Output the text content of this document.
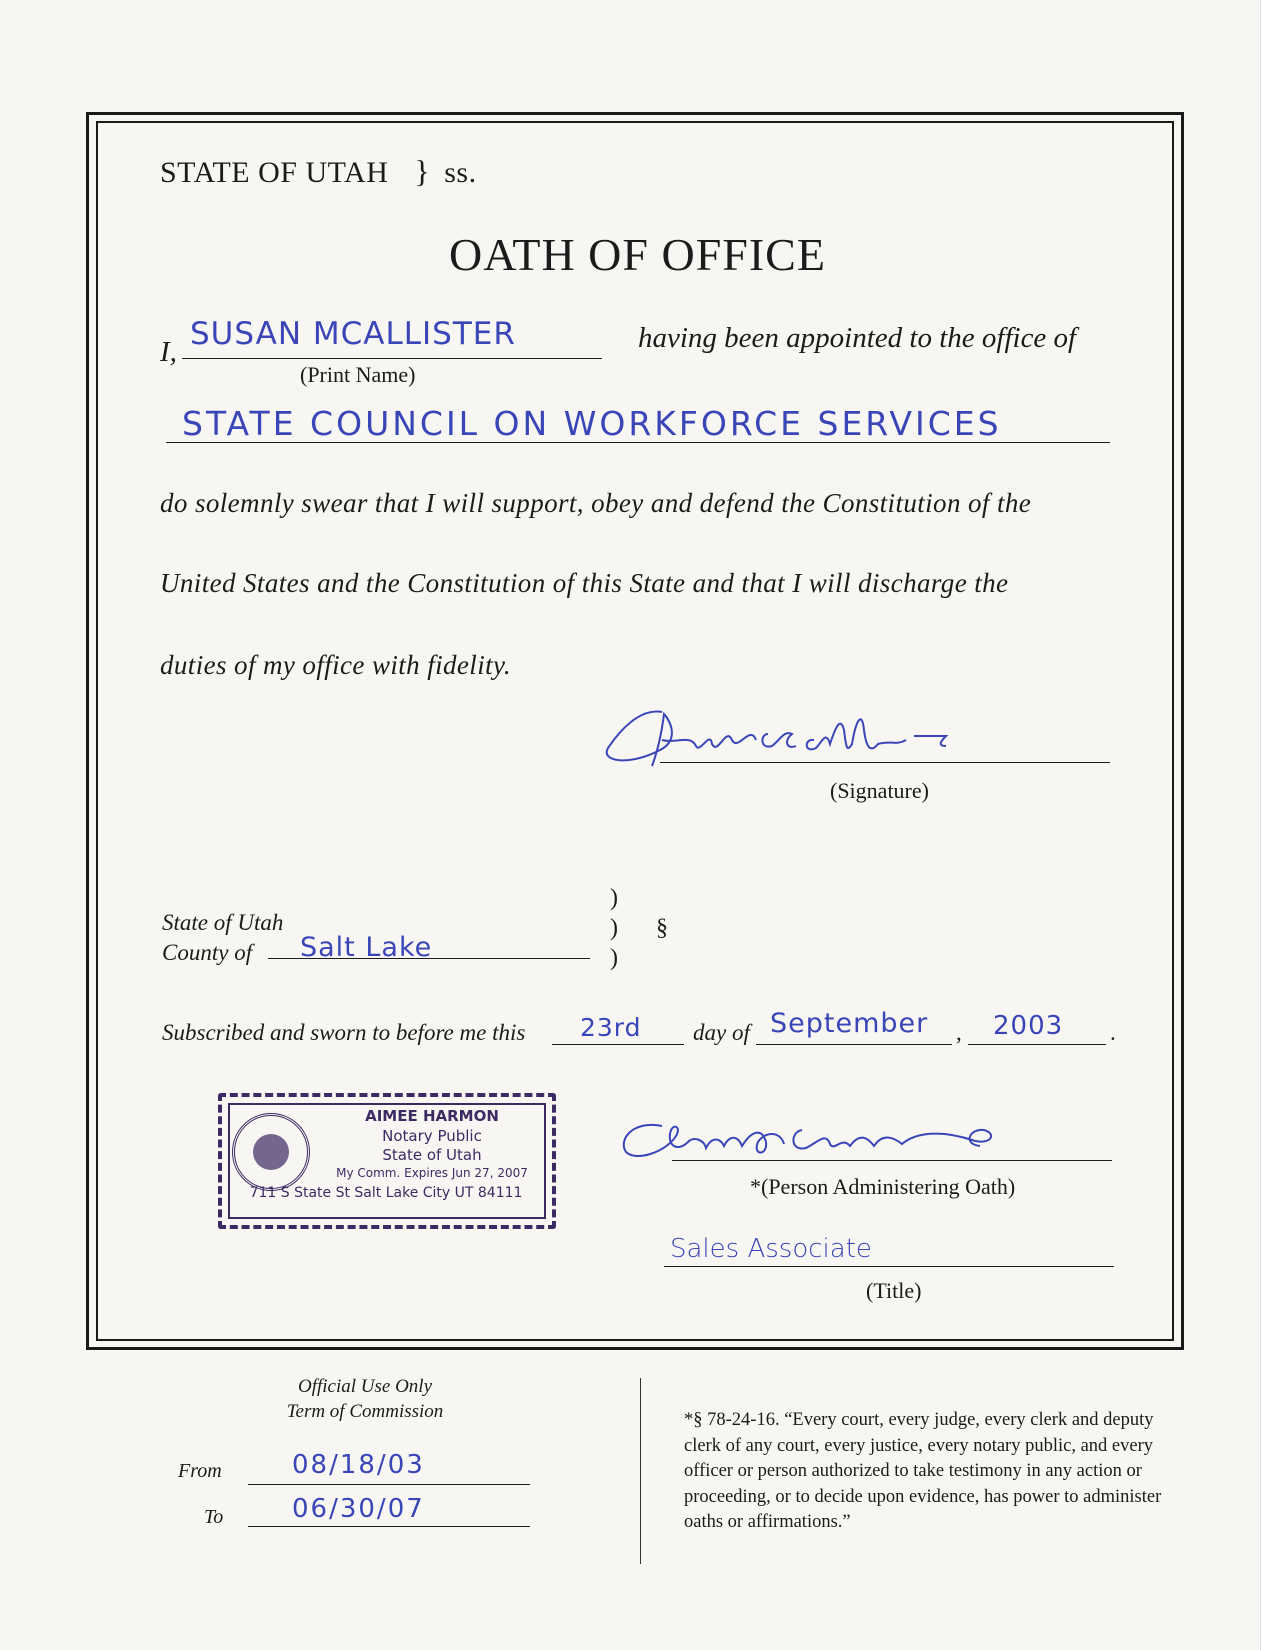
STATE OF UTAH } ss.
OATH OF OFFICE
I, SUSAN MCALLISTER	having been appointed to the office of
(Print Name)
STATE COUNCIL ON WORKFORCE SERVICES
do solemnly swear that I will support, obey and defend the Constitution of the
United States and the Constitution of this State and that I will discharge the
duties of my office with fidelity.
(Signature)
State of Utah
County of Salt Lake
)
)
)
§
Subscribed and sworn to before me this 23rd day of September , 2003 .
AIMEE HARMON
Notary Public
State of Utah
My Comm. Expires Jun 27, 2007
711 S State St Salt Lake City UT 84111	*(Person Administering Oath)
Sales Associate
(Title)
Official Use Only
Term of Commission
From	08/18/03
To	06/30/07
*§ 78-24-16. “Every court, every judge, every clerk and deputy clerk of any court, every justice, every notary public, and every officer or person authorized to take testimony in any action or proceeding, or to decide upon evidence, has power to administer oaths or affirmations.”
